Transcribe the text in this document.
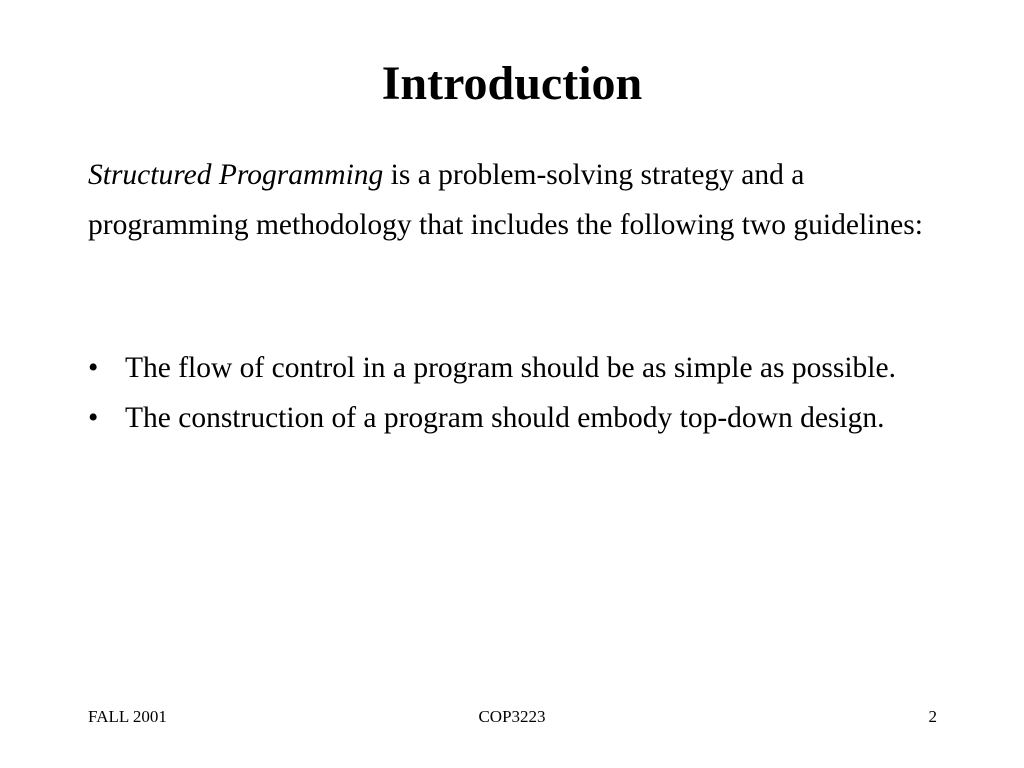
Introduction
Structured Programming is a problem-solving strategy and a programming methodology that includes the following two guidelines:
• The flow of control in a program should be as simple as possible.
• The construction of a program should embody top-down design.
FALL 2001	COP3223	2
